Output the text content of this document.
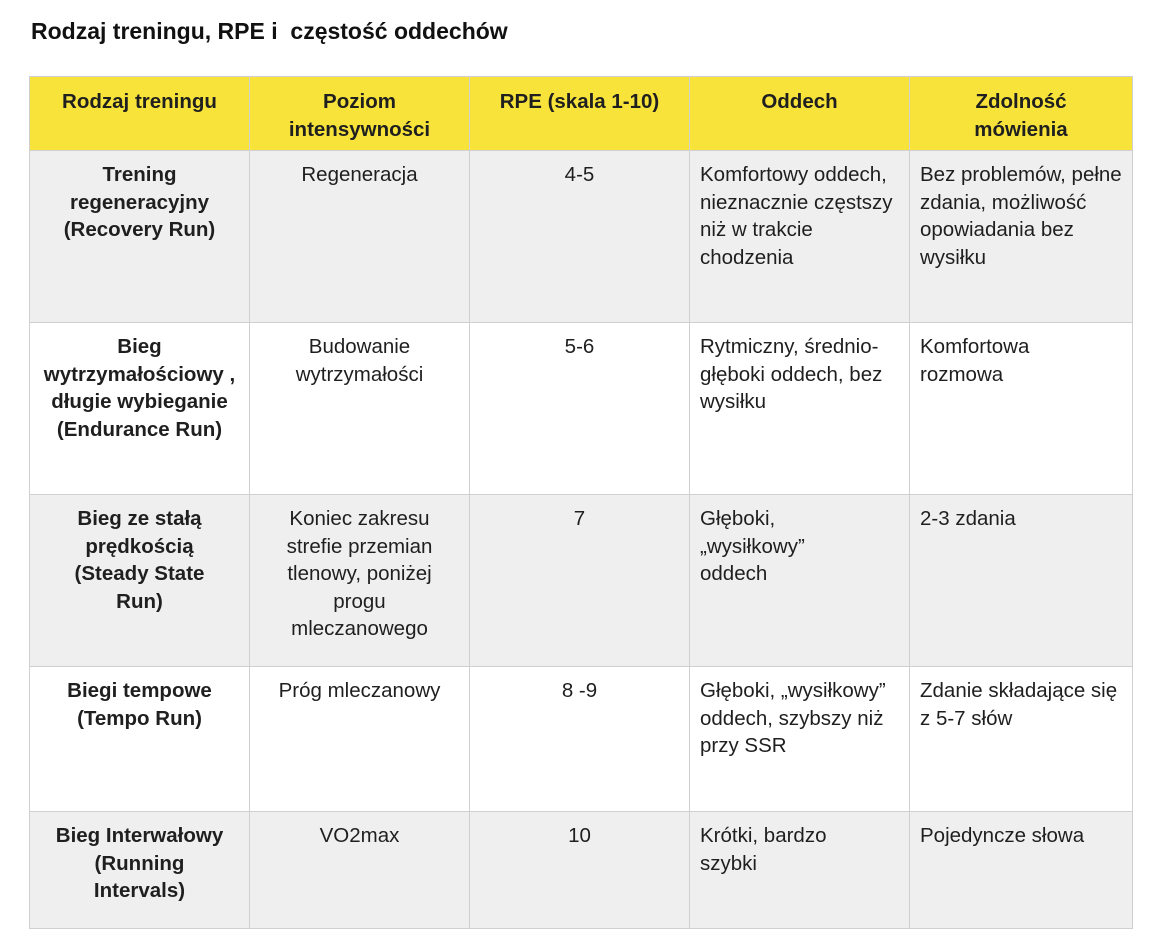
Rodzaj treningu, RPE i  częstość oddechów
Rodzaj treningu	Poziom intensywności	RPE (skala 1-10)	Oddech	Zdolność mówienia

Trening regeneracyjny (Recovery Run)	Regeneracja	4-5	Komfortowy oddech, nieznacznie częstszy niż w trakcie chodzenia	Bez problemów, pełne zdania, możliwość opowiadania bez wysiłku

Bieg wytrzymałościowy , długie wybieganie (Endurance Run)	Budowanie wytrzymałości	5-6	Rytmiczny, średnio-głęboki oddech, bez wysiłku	Komfortowa rozmowa

Bieg ze stałą prędkością (Steady State Run)	Koniec zakresu strefie przemian tlenowy, poniżej progu mleczanowego	7	Głęboki, „wysiłkowy” oddech	2-3 zdania

Biegi tempowe (Tempo Run)	Próg mleczanowy	8 -9	Głęboki, „wysiłkowy” oddech, szybszy niż przy SSR	Zdanie składające się z 5-7 słów

Bieg Interwałowy (Running Intervals)	VO2max	10	Krótki, bardzo szybki	Pojedyncze słowa
